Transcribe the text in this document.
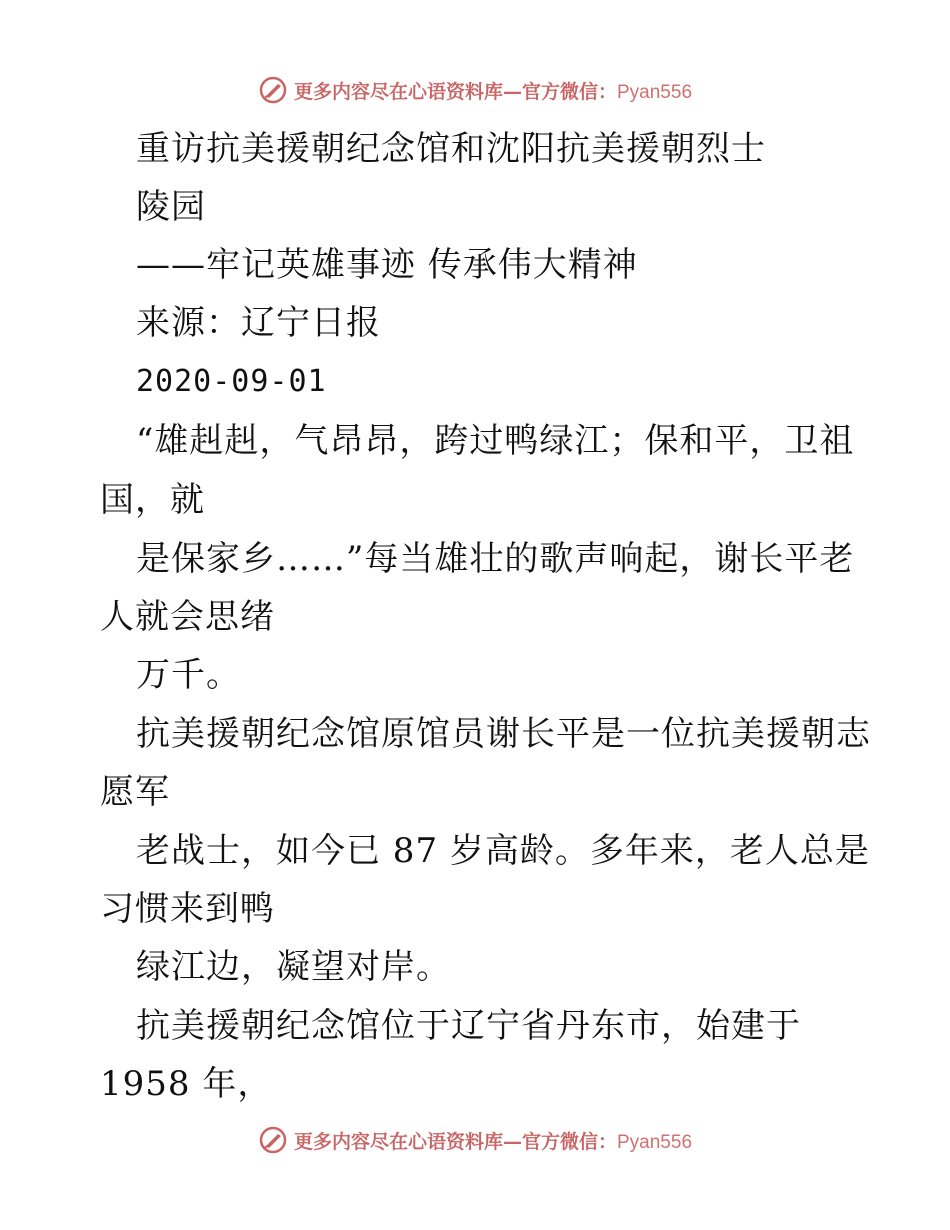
更多内容尽在心语资料库—官方微信：Pyan556
重访抗美援朝纪念馆和沈阳抗美援朝烈士
陵园
——牢记英雄事迹 传承伟大精神
来源：辽宁日报
2020-09-01
“雄赳赳，气昂昂，跨过鸭绿江；保和平，卫祖
国，就
是保家乡……”每当雄壮的歌声响起，谢长平老
人就会思绪
万千。
抗美援朝纪念馆原馆员谢长平是一位抗美援朝志
愿军
老战士，如今已 87 岁高龄。多年来，老人总是
习惯来到鸭
绿江边，凝望对岸。
抗美援朝纪念馆位于辽宁省丹东市，始建于
1958 年，
更多内容尽在心语资料库—官方微信：Pyan556
